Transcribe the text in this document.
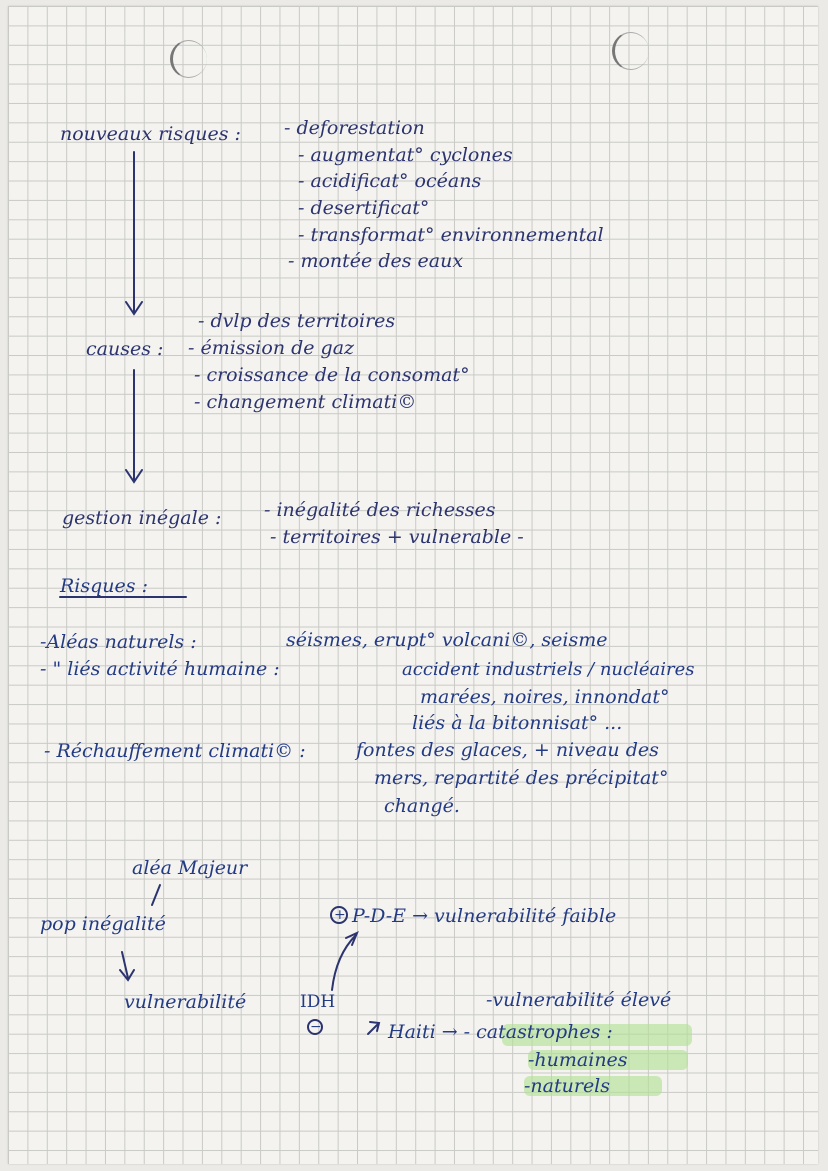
nouveaux risques : - deforestation
- augmentat° cyclones
- acidificat° océans
- desertificat°
- transformat° environnemental
- montée des eaux
causes :
- dvlp des territoires
- émission de gaz
- croissance de la consomat°
- changement climati©
gestion inégale : - inégalité des richesses
- territoires + vulnerable -
Risques :
-Aléas naturels :	séismes, erupt° volcani©, seisme
- " liés activité humaine :	accident industriels / nucléaires
marées, noires, innondat°
liés à la bitonnisat° ...
- Réchauffement climati© :	fontes des glaces, + niveau des
mers, repartité des précipitat°
changé.
aléa Majeur
pop inégalité
vulnerabilité	IDH
+
−
P-D-E → vulnerabilité faible
-vulnerabilité élevé
Haiti → - catastrophes :
-humaines
-naturels
